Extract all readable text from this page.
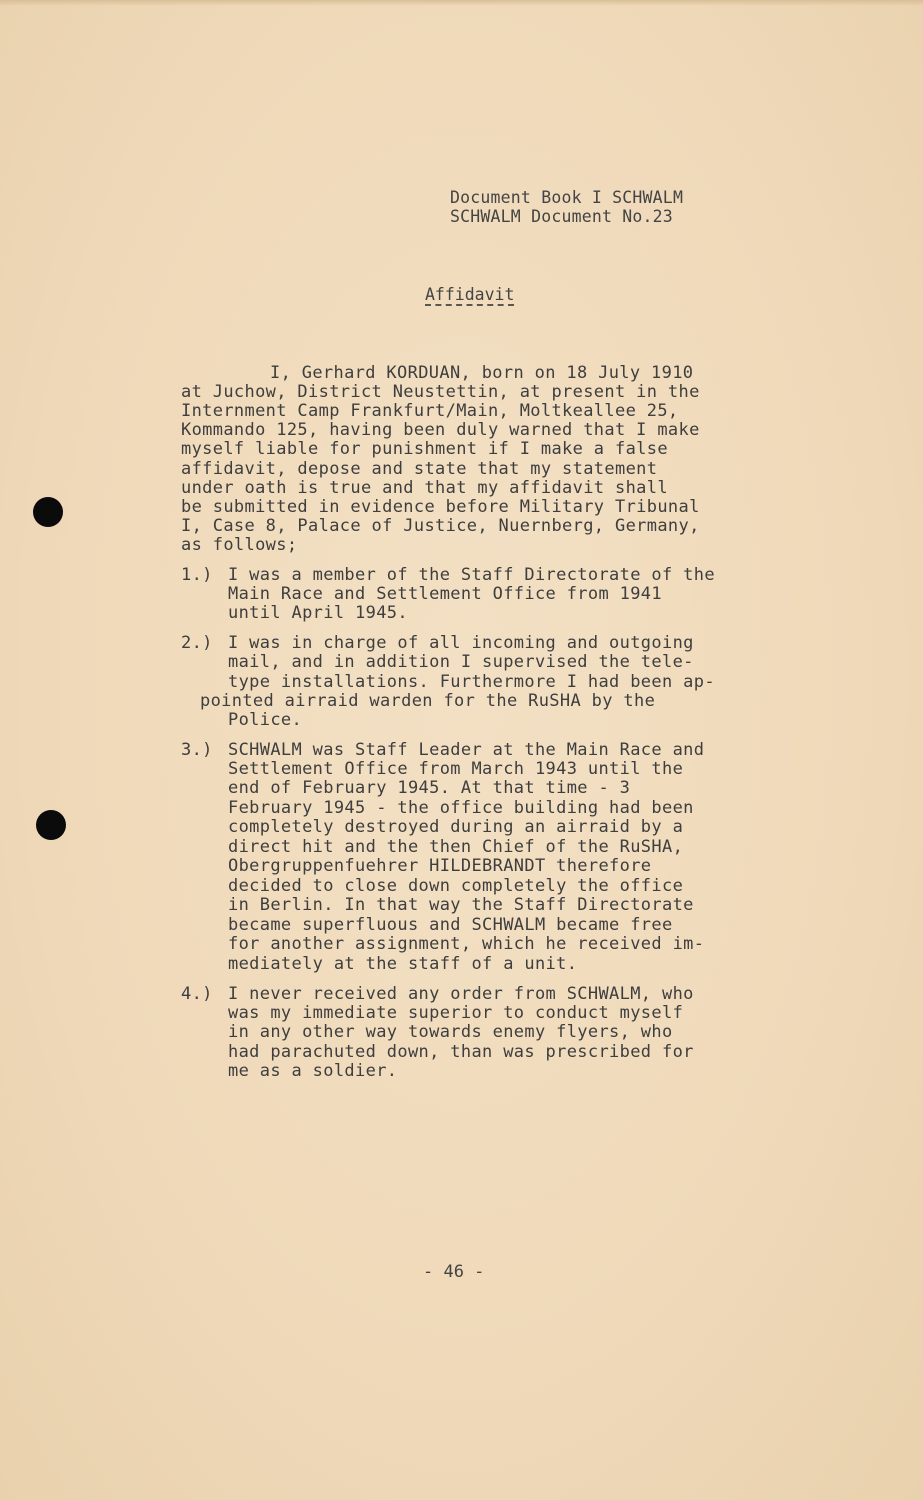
Document Book I SCHWALM
SCHWALM Document No.23
Affidavit
I, Gerhard KORDUAN, born on 18 July 1910
at Juchow, District Neustettin, at present in the
Internment Camp Frankfurt/Main, Moltkeallee 25,
Kommando 125, having been duly warned that I make
myself liable for punishment if I make a false
affidavit, depose and state that my statement
under oath is true and that my affidavit shall
be submitted in evidence before Military Tribunal
I, Case 8, Palace of Justice, Nuernberg, Germany,
as follows;
1.) I was a member of the Staff Directorate of the
Main Race and Settlement Office from 1941
until April 1945.
2.) I was in charge of all incoming and outgoing
mail, and in addition I supervised the tele-
type installations. Furthermore I had been ap-
pointed airraid warden for the RuSHA by the
Police.
3.) SCHWALM was Staff Leader at the Main Race and
Settlement Office from March 1943 until the
end of February 1945. At that time - 3
February 1945 - the office building had been
completely destroyed during an airraid by a
direct hit and the then Chief of the RuSHA,
Obergruppenfuehrer HILDEBRANDT therefore
decided to close down completely the office
in Berlin. In that way the Staff Directorate
became superfluous and SCHWALM became free
for another assignment, which he received im-
mediately at the staff of a unit.
4.) I never received any order from SCHWALM, who
was my immediate superior to conduct myself
in any other way towards enemy flyers, who
had parachuted down, than was prescribed for
me as a soldier.
- 46 -
